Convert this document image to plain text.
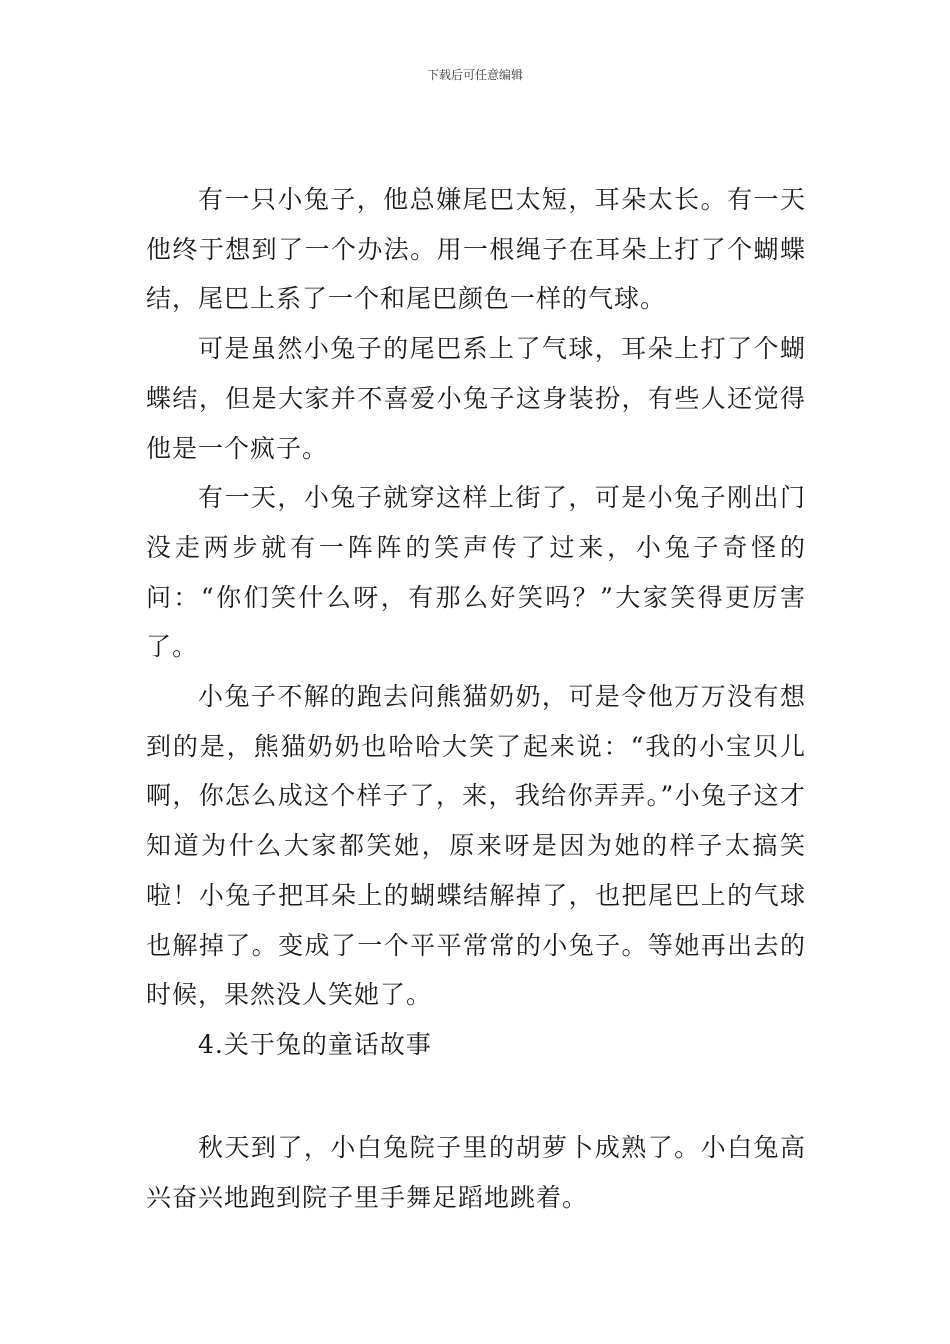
下载后可任意编辑

有一只小兔子，他总嫌尾巴太短，耳朵太长。有一天他终于想到了一个办法。用一根绳子在耳朵上打了个蝴蝶结，尾巴上系了一个和尾巴颜色一样的气球。

可是虽然小兔子的尾巴系上了气球，耳朵上打了个蝴蝶结，但是大家并不喜爱小兔子这身装扮，有些人还觉得他是一个疯子。

有一天，小兔子就穿这样上街了，可是小兔子刚出门没走两步就有一阵阵的笑声传了过来，小兔子奇怪的问：“你们笑什么呀，有那么好笑吗？”大家笑得更厉害了。

小兔子不解的跑去问熊猫奶奶，可是令他万万没有想到的是，熊猫奶奶也哈哈大笑了起来说：“我的小宝贝儿啊，你怎么成这个样子了，来，我给你弄弄。”小兔子这才知道为什么大家都笑她，原来呀是因为她的样子太搞笑啦！小兔子把耳朵上的蝴蝶结解掉了，也把尾巴上的气球也解掉了。变成了一个平平常常的小兔子。等她再出去的时候，果然没人笑她了。

4.关于兔的童话故事

秋天到了，小白兔院子里的胡萝卜成熟了。小白兔高兴奋兴地跑到院子里手舞足蹈地跳着。
